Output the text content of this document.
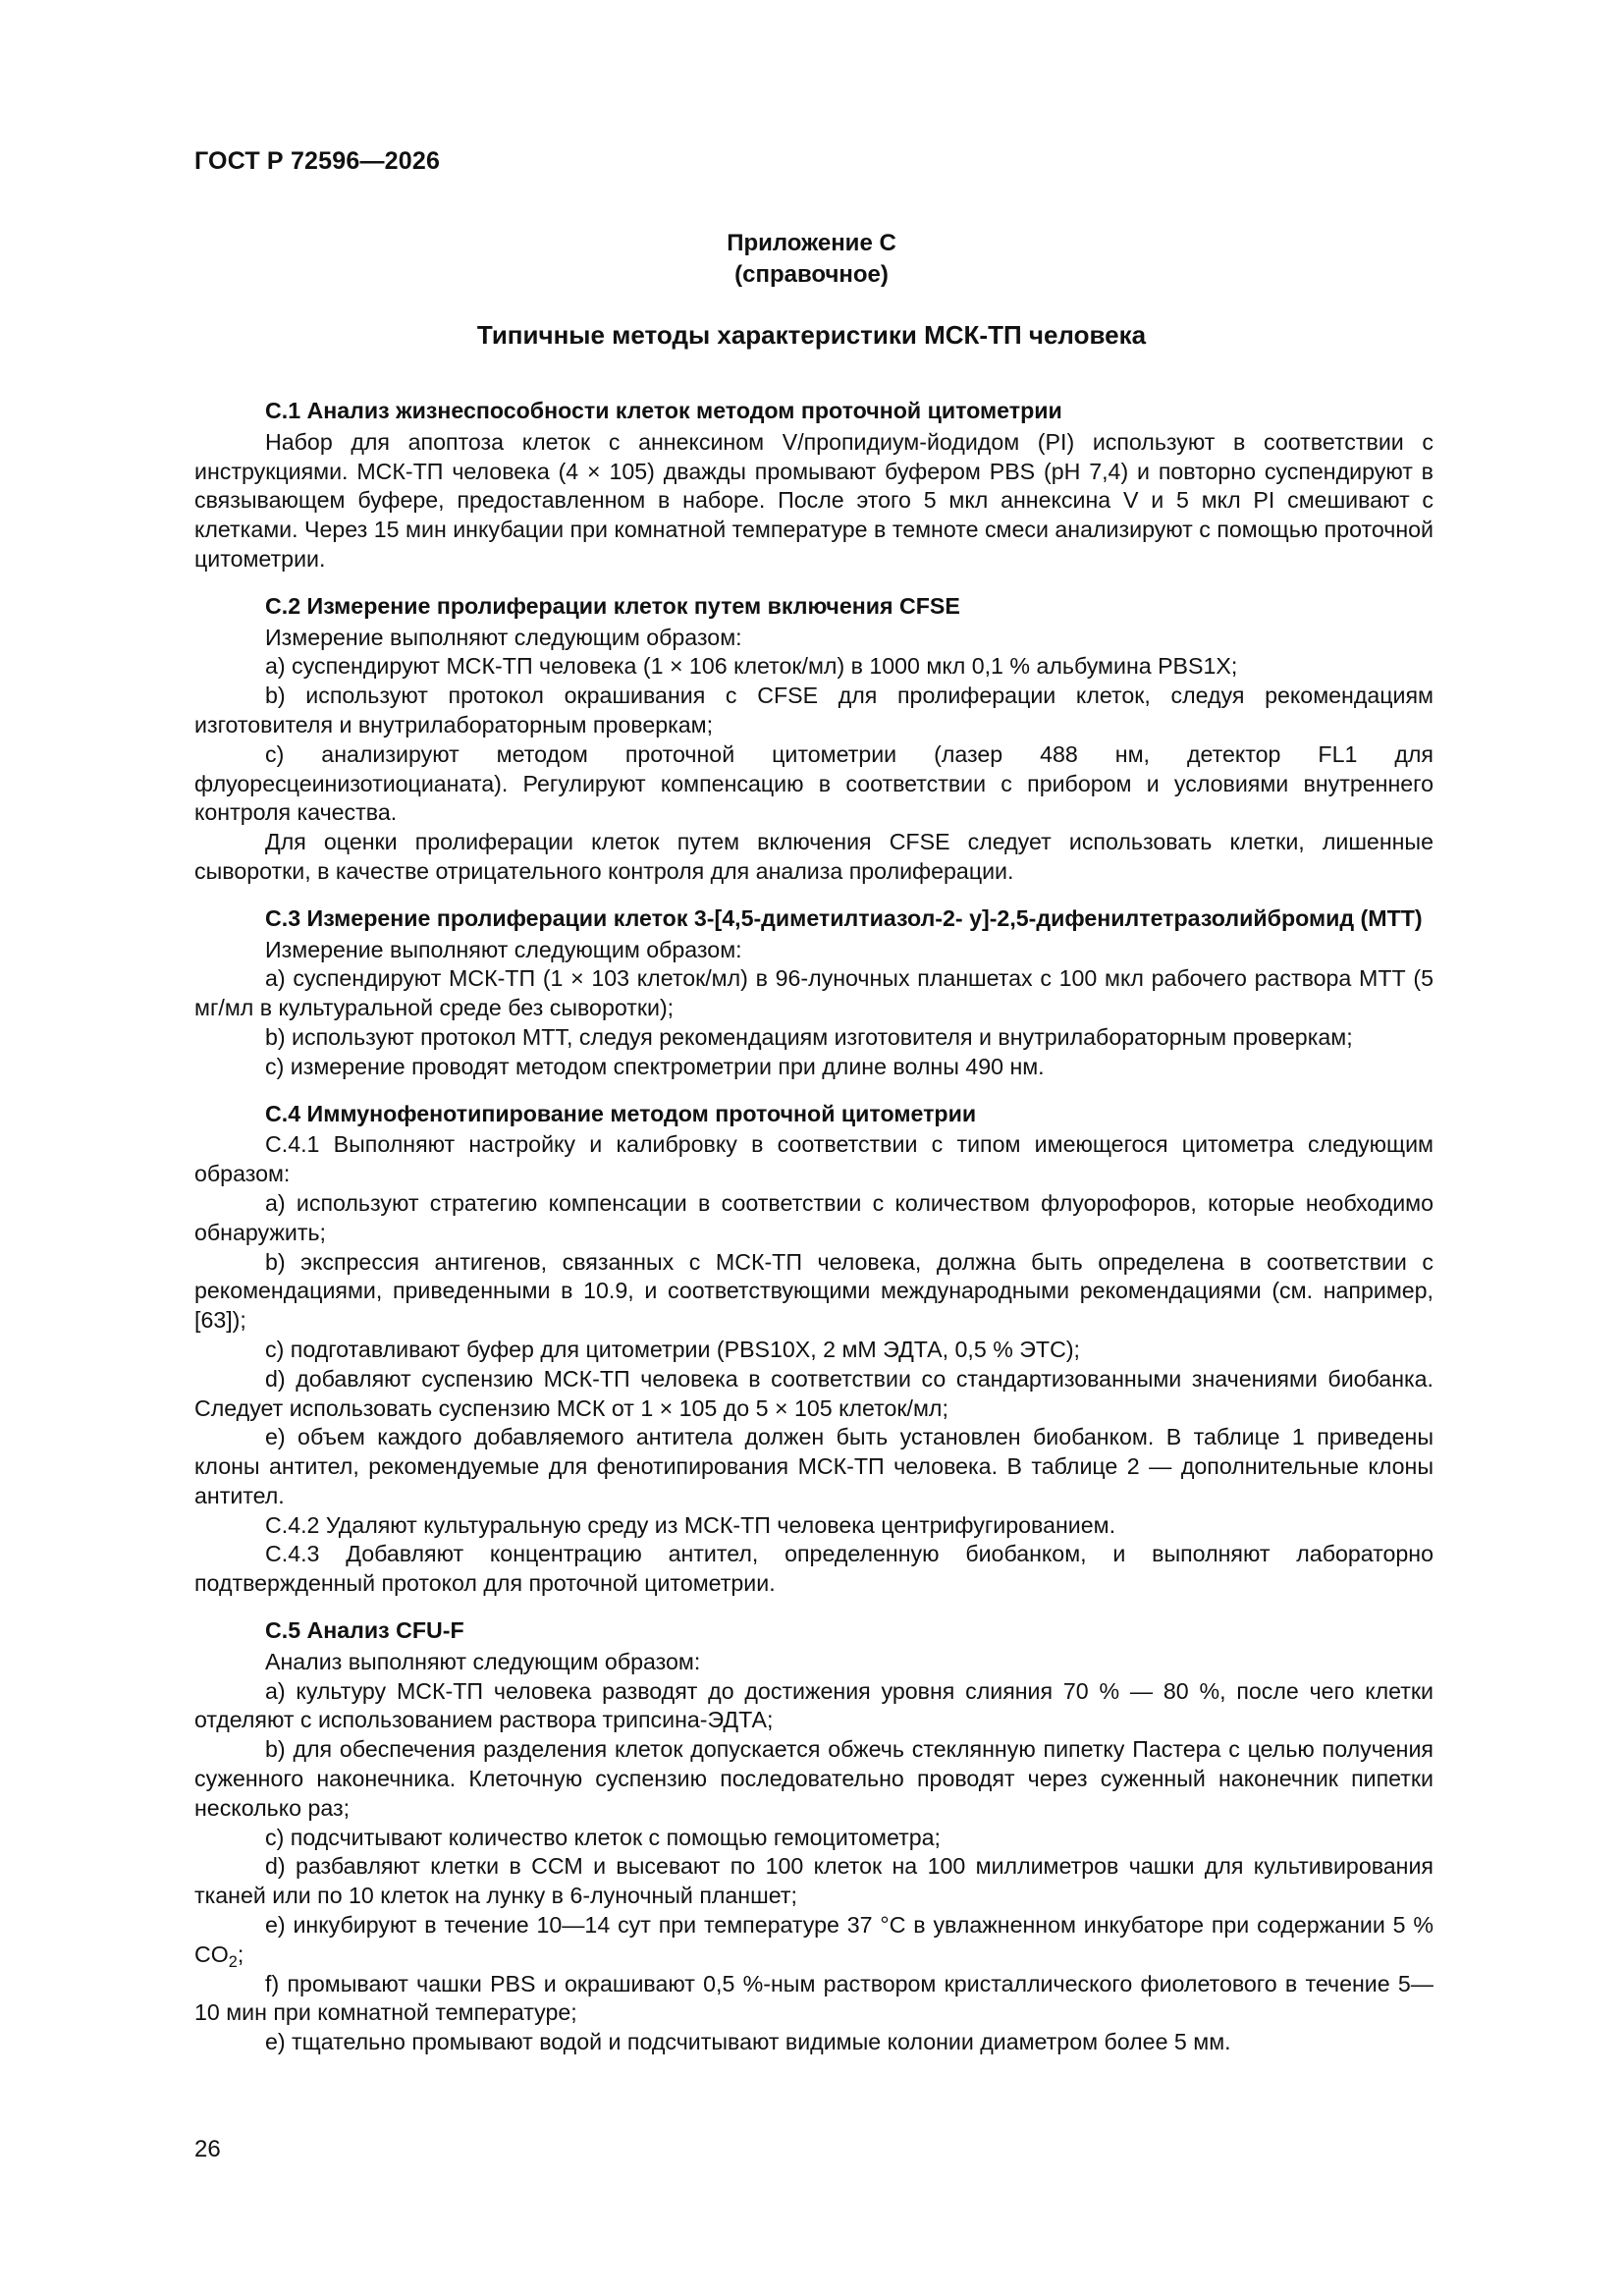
ГОСТ Р 72596—2026
Приложение С
(справочное)
Типичные методы характеристики МСК-ТП человека
С.1 Анализ жизнеспособности клеток методом проточной цитометрии

Набор для апоптоза клеток с аннексином V/пропидиум-йодидом (PI) используют в соответствии с инструкциями. МСК-ТП человека (4 × 105) дважды промывают буфером PBS (pH 7,4) и повторно суспендируют в связывающем буфере, предоставленном в наборе. После этого 5 мкл аннексина V и 5 мкл PI смешивают с клетками. Через 15 мин инкубации при комнатной температуре в темноте смеси анализируют с помощью проточной цитометрии.

С.2 Измерение пролиферации клеток путем включения CFSE

Измерение выполняют следующим образом:

a) суспендируют МСК-ТП человека (1 × 106 клеток/мл) в 1000 мкл 0,1 % альбумина PBS1X;

b) используют протокол окрашивания с CFSE для пролиферации клеток, следуя рекомендациям изготовителя и внутрилабораторным проверкам;

c) анализируют методом проточной цитометрии (лазер 488 нм, детектор FL1 для флуоресцеинизотиоцианата). Регулируют компенсацию в соответствии с прибором и условиями внутреннего контроля качества.

Для оценки пролиферации клеток путем включения CFSE следует использовать клетки, лишенные сыворотки, в качестве отрицательного контроля для анализа пролиферации.

С.3 Измерение пролиферации клеток 3-[4,5-диметилтиазол-2- у]-2,5-дифенилтетразолийбромид (МТТ)

Измерение выполняют следующим образом:

a) суспендируют МСК-ТП (1 × 103 клеток/мл) в 96-луночных планшетах с 100 мкл рабочего раствора МТТ (5 мг/мл в культуральной среде без сыворотки);

b) используют протокол МТТ, следуя рекомендациям изготовителя и внутрилабораторным проверкам;

c) измерение проводят методом спектрометрии при длине волны 490 нм.

С.4 Иммунофенотипирование методом проточной цитометрии

С.4.1 Выполняют настройку и калибровку в соответствии с типом имеющегося цитометра следующим образом:

a) используют стратегию компенсации в соответствии с количеством флуорофоров, которые необходимо обнаружить;

b) экспрессия антигенов, связанных с МСК-ТП человека, должна быть определена в соответствии с рекомендациями, приведенными в 10.9, и соответствующими международными рекомендациями (см. например, [63]);

c) подготавливают буфер для цитометрии (PBS10X, 2 мМ ЭДТА, 0,5 % ЭТС);

d) добавляют суспензию МСК-ТП человека в соответствии со стандартизованными значениями биобанка. Следует использовать суспензию МСК от 1 × 105 до 5 × 105 клеток/мл;

e) объем каждого добавляемого антитела должен быть установлен биобанком. В таблице 1 приведены клоны антител, рекомендуемые для фенотипирования МСК-ТП человека. В таблице 2 — дополнительные клоны антител.

С.4.2 Удаляют культуральную среду из МСК-ТП человека центрифугированием.

С.4.3 Добавляют концентрацию антител, определенную биобанком, и выполняют лабораторно подтвержденный протокол для проточной цитометрии.

С.5 Анализ CFU-F

Анализ выполняют следующим образом:

a) культуру МСК-ТП человека разводят до достижения уровня слияния 70 % — 80 %, после чего клетки отделяют с использованием раствора трипсина-ЭДТА;

b) для обеспечения разделения клеток допускается обжечь стеклянную пипетку Пастера с целью получения суженного наконечника. Клеточную суспензию последовательно проводят через суженный наконечник пипетки несколько раз;

c) подсчитывают количество клеток с помощью гемоцитометра;

d) разбавляют клетки в ССМ и высевают по 100 клеток на 100 миллиметров чашки для культивирования тканей или по 10 клеток на лунку в 6-луночный планшет;

e) инкубируют в течение 10—14 сут при температуре 37 °С в увлажненном инкубаторе при содержании 5 % $CO_2$;

f) промывают чашки PBS и окрашивают 0,5 %-ным раствором кристаллического фиолетового в течение 5—10 мин при комнатной температуре;

e) тщательно промывают водой и подсчитывают видимые колонии диаметром более 5 мм.

26
